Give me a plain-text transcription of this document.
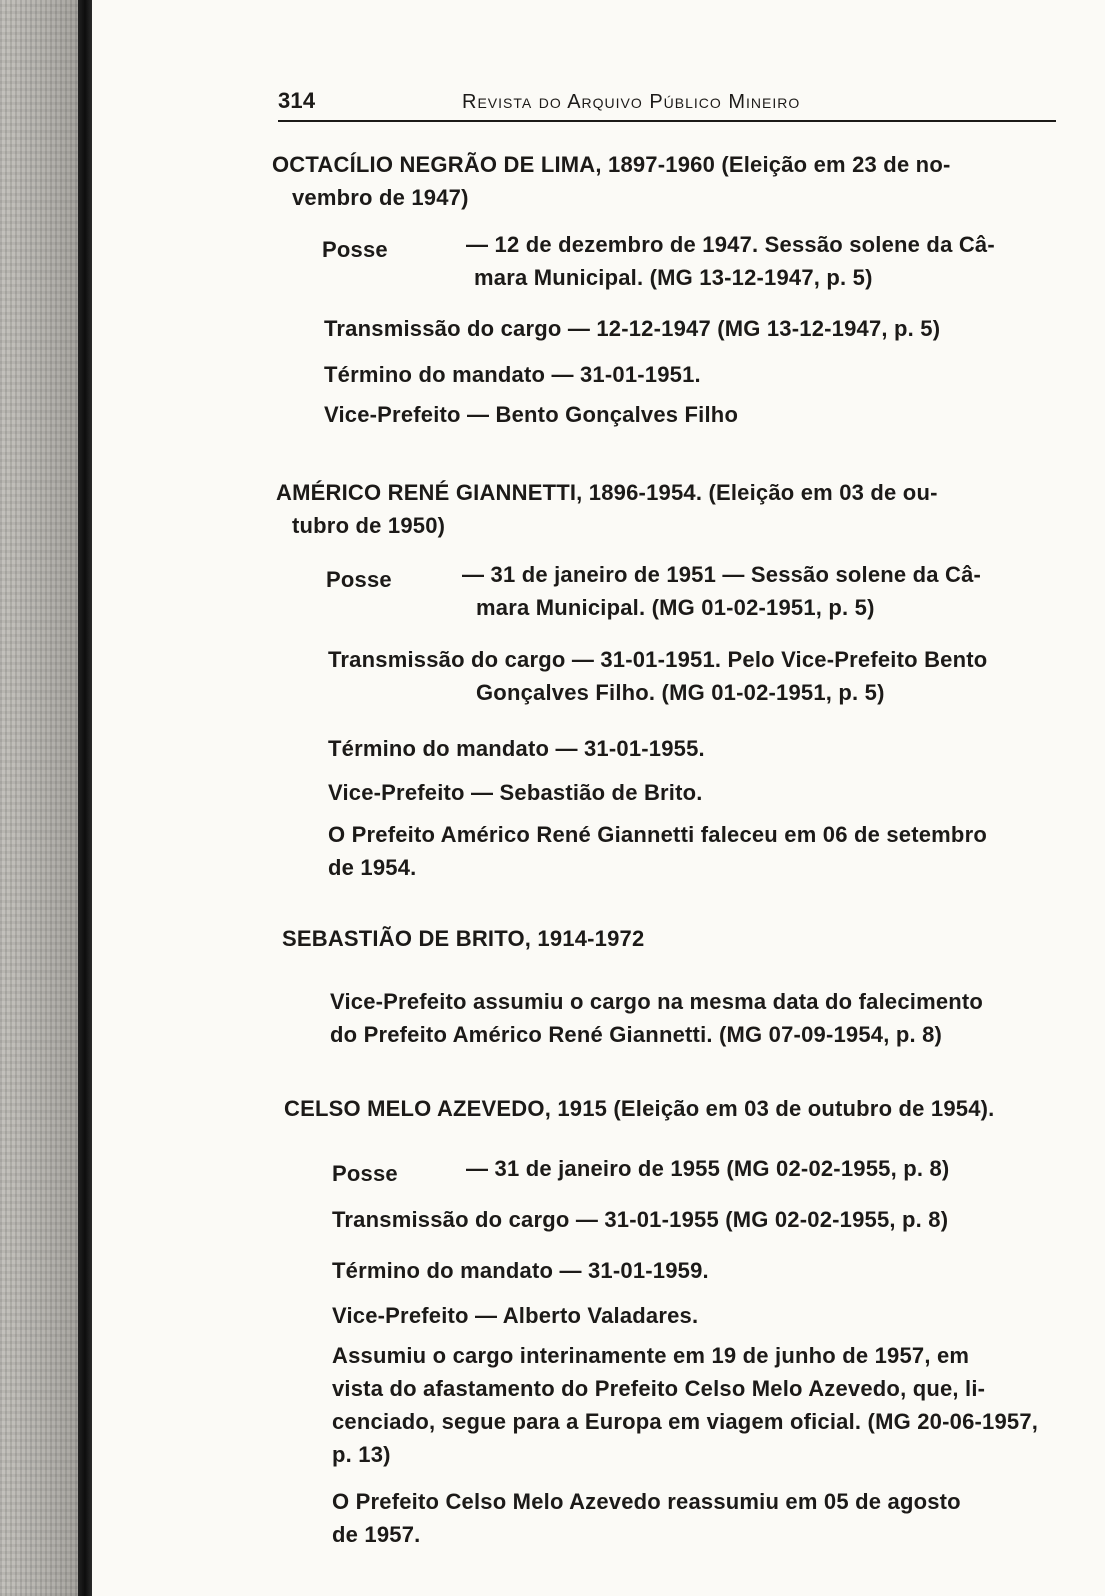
314	Revista do Arquivo Público Mineiro
OCTACÍLIO NEGRÃO DE LIMA, 1897-1960 (Eleição em 23 de no-
vembro de 1947)
Posse	— 12 de dezembro de 1947. Sessão solene da Câ-
mara Municipal. (MG 13-12-1947, p. 5)
Transmissão do cargo — 12-12-1947 (MG 13-12-1947, p. 5)
Término do mandato — 31-01-1951.
Vice-Prefeito — Bento Gonçalves Filho
AMÉRICO RENÉ GIANNETTI, 1896-1954. (Eleição em 03 de ou-
tubro de 1950)
Posse	— 31 de janeiro de 1951 — Sessão solene da Câ-
mara Municipal. (MG 01-02-1951, p. 5)
Transmissão do cargo — 31-01-1951. Pelo Vice-Prefeito Bento
Gonçalves Filho. (MG 01-02-1951, p. 5)
Término do mandato — 31-01-1955.
Vice-Prefeito — Sebastião de Brito.
O Prefeito Américo René Giannetti faleceu em 06 de setembro
de 1954.
SEBASTIÃO DE BRITO, 1914-1972
Vice-Prefeito assumiu o cargo na mesma data do falecimento
do Prefeito Américo René Giannetti. (MG 07-09-1954, p. 8)
CELSO MELO AZEVEDO, 1915 (Eleição em 03 de outubro de 1954).
Posse	— 31 de janeiro de 1955 (MG 02-02-1955, p. 8)
Transmissão do cargo — 31-01-1955 (MG 02-02-1955, p. 8)
Término do mandato — 31-01-1959.
Vice-Prefeito — Alberto Valadares.
Assumiu o cargo interinamente em 19 de junho de 1957, em
vista do afastamento do Prefeito Celso Melo Azevedo, que, li-
cenciado, segue para a Europa em viagem oficial. (MG 20-06-1957,
p. 13)
O Prefeito Celso Melo Azevedo reassumiu em 05 de agosto
de 1957.
